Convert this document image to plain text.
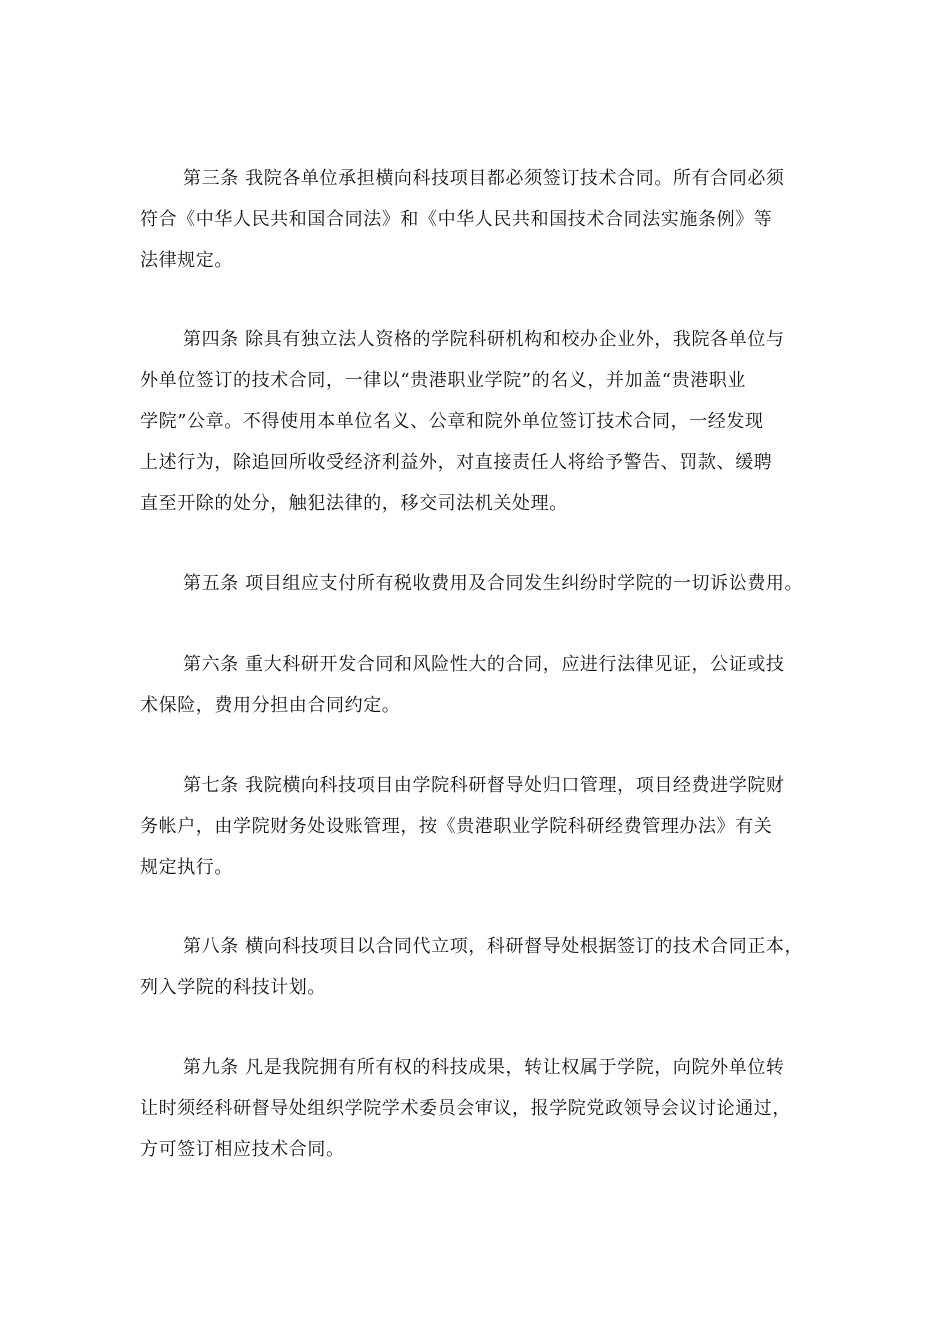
第三条 我院各单位承担横向科技项目都必须签订技术合同。所有合同必须
符合《中华人民共和国合同法》和《中华人民共和国技术合同法实施条例》等
法律规定。
第四条 除具有独立法人资格的学院科研机构和校办企业外，我院各单位与
外单位签订的技术合同，一律以“贵港职业学院”的名义，并加盖“贵港职业
学院”公章。不得使用本单位名义、公章和院外单位签订技术合同，一经发现
上述行为，除追回所收受经济利益外，对直接责任人将给予警告、罚款、缓聘
直至开除的处分，触犯法律的，移交司法机关处理。
第五条 项目组应支付所有税收费用及合同发生纠纷时学院的一切诉讼费用。
第六条 重大科研开发合同和风险性大的合同，应进行法律见证，公证或技
术保险，费用分担由合同约定。
第七条 我院横向科技项目由学院科研督导处归口管理，项目经费进学院财
务帐户，由学院财务处设账管理，按《贵港职业学院科研经费管理办法》有关
规定执行。
第八条 横向科技项目以合同代立项，科研督导处根据签订的技术合同正本，
列入学院的科技计划。
第九条 凡是我院拥有所有权的科技成果，转让权属于学院，向院外单位转
让时须经科研督导处组织学院学术委员会审议，报学院党政领导会议讨论通过，
方可签订相应技术合同。
